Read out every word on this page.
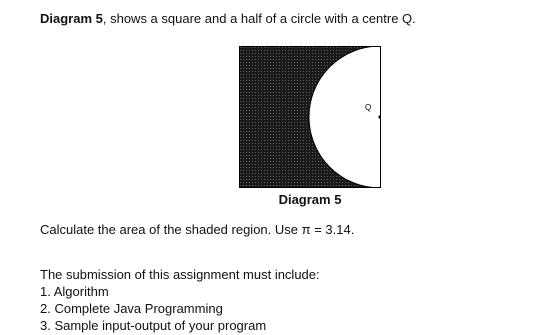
Diagram 5, shows a square and a half of a circle with a centre Q.
Q
Diagram 5
Calculate the area of the shaded region. Use π = 3.14.
The submission of this assignment must include:
1. Algorithm
2. Complete Java Programming
3. Sample input-output of your program
